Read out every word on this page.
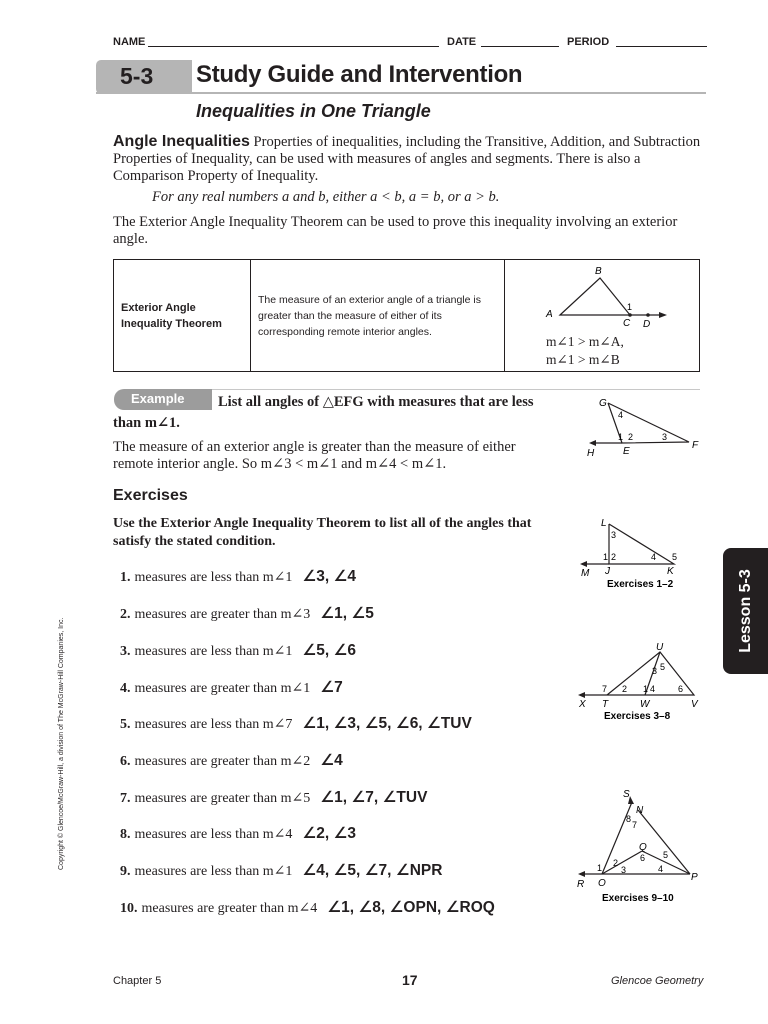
NAME	DATE	PERIOD
5-3 Study Guide and Intervention
Inequalities in One Triangle
Angle Inequalities Properties of inequalities, including the Transitive, Addition, and Subtraction Properties of Inequality, can be used with measures of angles and segments. There is also a Comparison Property of Inequality.
For any real numbers a and b, either a < b, a = b, or a > b.
The Exterior Angle Inequality Theorem can be used to prove this inequality involving an exterior angle.
Exterior Angle Inequality Theorem

The measure of an exterior angle of a triangle is greater than the measure of either of its corresponding remote interior angles.

B
A
C D
1
m∠1 > m∠A,
m∠1 > m∠B
Example	List all angles of △EFG with measures that are less than m∠1.
The measure of an exterior angle is greater than the measure of either remote interior angle. So m∠3 < m∠1 and m∠4 < m∠1.
G
F
H	E
1 2	3
4
Exercises
Use the Exterior Angle Inequality Theorem to list all of the angles that satisfy the stated condition.
1. measures are less than m∠1 ∠3, ∠4
2. measures are greater than m∠3 ∠1, ∠5
3. measures are less than m∠1 ∠5, ∠6
4. measures are greater than m∠1 ∠7
5. measures are less than m∠7 ∠1, ∠3, ∠5, ∠6, ∠TUV
6. measures are greater than m∠2 ∠4
7. measures are greater than m∠5 ∠1, ∠7, ∠TUV
8. measures are less than m∠4 ∠2, ∠3
9. measures are less than m∠1 ∠4, ∠5, ∠7, ∠NPR
10. measures are greater than m∠4 ∠1, ∠8, ∠OPN, ∠ROQ
L
M J	K
3
1 2	4 5
Exercises 1–2
U
X T	W	V
7 2 1 4	6
3 5
Exercises 3–8
S
N
Q
R O
P
8
7
1 2
3
6 5
4
Exercises 9–10
Lesson 5-3
Copyright © Glencoe/McGraw-Hill, a division of The McGraw-Hill Companies, Inc.
Chapter 5	17	Glencoe Geometry
